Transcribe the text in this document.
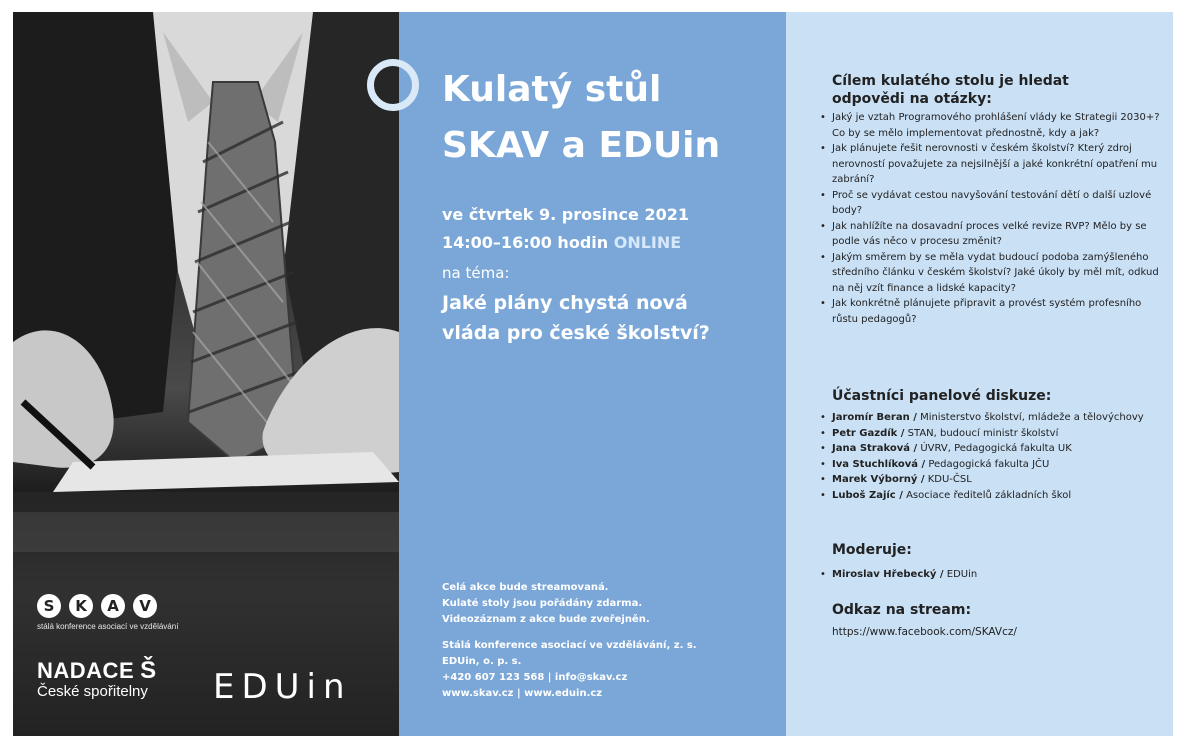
S	K	A	V
stálá konference asociací ve vzdělávání
NADACE Š
České spořitelny EDUin
Kulatý stůl
SKAV a EDUin
ve čtvrtek 9. prosince 2021
14:00–16:00 hodin ONLINE
na téma:
Jaké plány chystá nová
vláda pro české školství?
Celá akce bude streamovaná.
Kulaté stoly jsou pořádány zdarma.
Videozáznam z akce bude zveřejněn.
Stálá konference asociací ve vzdělávání, z. s.
EDUin, o. p. s.
+420 607 123 568 | info@skav.cz
www.skav.cz | www.eduin.cz
Cílem kulatého stolu je hledat odpovědi na otázky:
• Jaký je vztah Programového prohlášení vlády ke Strategii 2030+? Co by se mělo implementovat přednostně, kdy a jak?
• Jak plánujete řešit nerovnosti v českém školství? Který zdroj nerovností považujete za nejsilnější a jaké konkrétní opatření mu zabrání?
• Proč se vydávat cestou navyšování testování dětí o další uzlové body?
• Jak nahlížíte na dosavadní proces velké revize RVP? Mělo by se podle vás něco v procesu změnit?
• Jakým směrem by se měla vydat budoucí podoba zamýšleného středního článku v českém školství? Jaké úkoly by měl mít, odkud na něj vzít finance a lidské kapacity?
• Jak konkrétně plánujete připravit a provést systém profesního růstu pedagogů?
Účastníci panelové diskuze:
• Jaromír Beran / Ministerstvo školství, mládeže a tělovýchovy
• Petr Gazdík / STAN, budoucí ministr školství
• Jana Straková / ÚVRV, Pedagogická fakulta UK
• Iva Stuchlíková / Pedagogická fakulta JČU
• Marek Výborný / KDU-ČSL
• Luboš Zajíc / Asociace ředitelů základních škol
Moderuje:
• Miroslav Hřebecký / EDUin
Odkaz na stream:
https://www.facebook.com/SKAVcz/
